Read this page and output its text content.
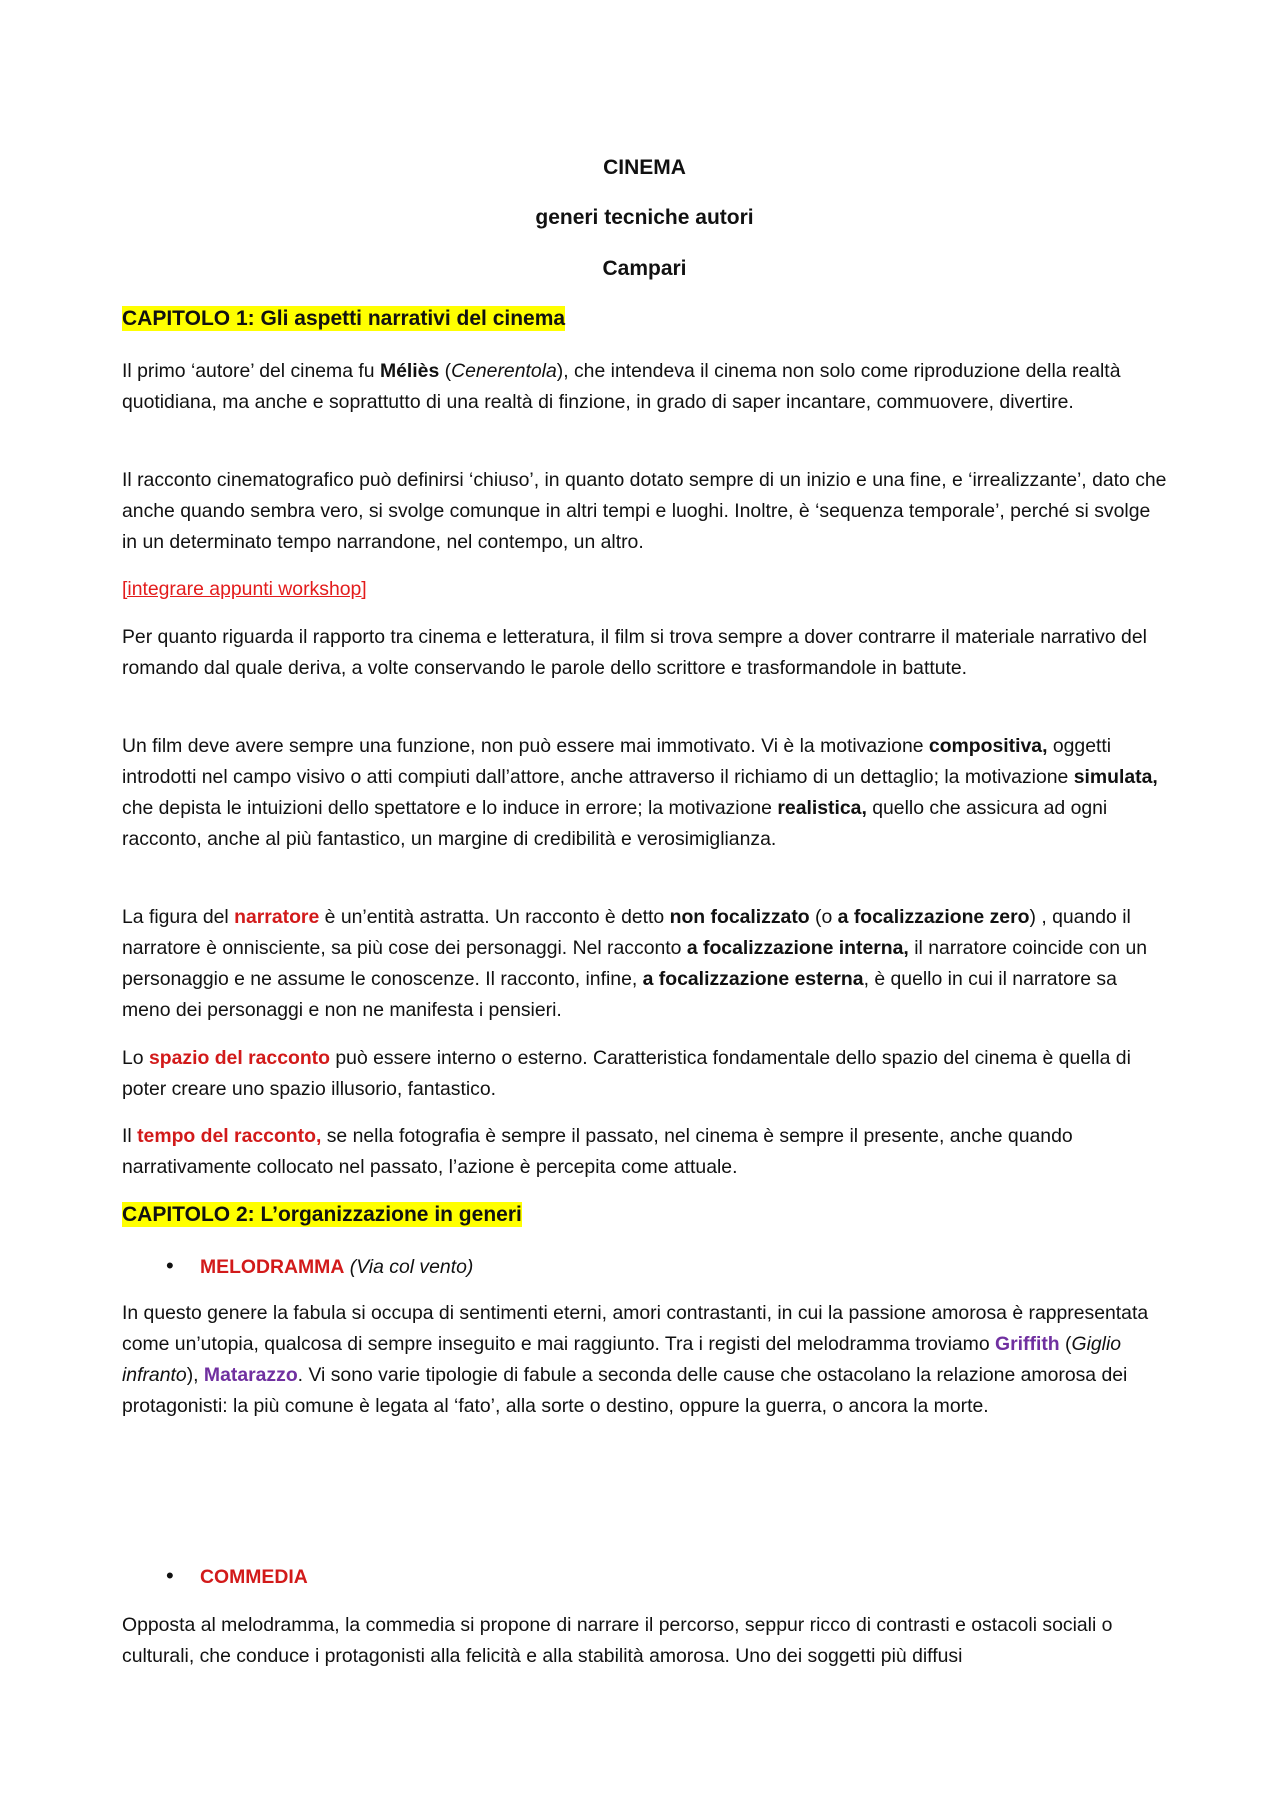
CINEMA
generi tecniche autori
Campari
CAPITOLO 1: Gli aspetti narrativi del cinema

Il primo ‘autore’ del cinema fu Méliès (Cenerentola), che intendeva il cinema non solo come riproduzione della realtà quotidiana, ma anche e soprattutto di una realtà di finzione, in grado di saper incantare, commuovere, divertire.

Il racconto cinematografico può definirsi ‘chiuso’, in quanto dotato sempre di un inizio e una fine, e ‘irrealizzante’, dato che anche quando sembra vero, si svolge comunque in altri tempi e luoghi. Inoltre, è ‘sequenza temporale’, perché si svolge in un determinato tempo narrandone, nel contempo, un altro.

[integrare appunti workshop]

Per quanto riguarda il rapporto tra cinema e letteratura, il film si trova sempre a dover contrarre il materiale narrativo del romando dal quale deriva, a volte conservando le parole dello scrittore e trasformandole in battute.

Un film deve avere sempre una funzione, non può essere mai immotivato. Vi è la motivazione compositiva, oggetti introdotti nel campo visivo o atti compiuti dall’attore, anche attraverso il richiamo di un dettaglio; la motivazione simulata, che depista le intuizioni dello spettatore e lo induce in errore; la motivazione realistica, quello che assicura ad ogni racconto, anche al più fantastico, un margine di credibilità e verosimiglianza.

La figura del narratore è un’entità astratta. Un racconto è detto non focalizzato (o a focalizzazione zero) , quando il narratore è onnisciente, sa più cose dei personaggi. Nel racconto a focalizzazione interna, il narratore coincide con un personaggio e ne assume le conoscenze. Il racconto, infine, a focalizzazione esterna, è quello in cui il narratore sa meno dei personaggi e non ne manifesta i pensieri.

Lo spazio del racconto può essere interno o esterno. Caratteristica fondamentale dello spazio del cinema è quella di poter creare uno spazio illusorio, fantastico.

Il tempo del racconto, se nella fotografia è sempre il passato, nel cinema è sempre il presente, anche quando narrativamente collocato nel passato, l’azione è percepita come attuale.

CAPITOLO 2: L’organizzazione in generi

• MELODRAMMA (Via col vento)

In questo genere la fabula si occupa di sentimenti eterni, amori contrastanti, in cui la passione amorosa è rappresentata come un’utopia, qualcosa di sempre inseguito e mai raggiunto. Tra i registi del melodramma troviamo Griffith (Giglio infranto), Matarazzo. Vi sono varie tipologie di fabule a seconda delle cause che ostacolano la relazione amorosa dei protagonisti: la più comune è legata al ‘fato’, alla sorte o destino, oppure la guerra, o ancora la morte.

• COMMEDIA

Opposta al melodramma, la commedia si propone di narrare il percorso, seppur ricco di contrasti e ostacoli sociali o culturali, che conduce i protagonisti alla felicità e alla stabilità amorosa. Uno dei soggetti più diffusi
